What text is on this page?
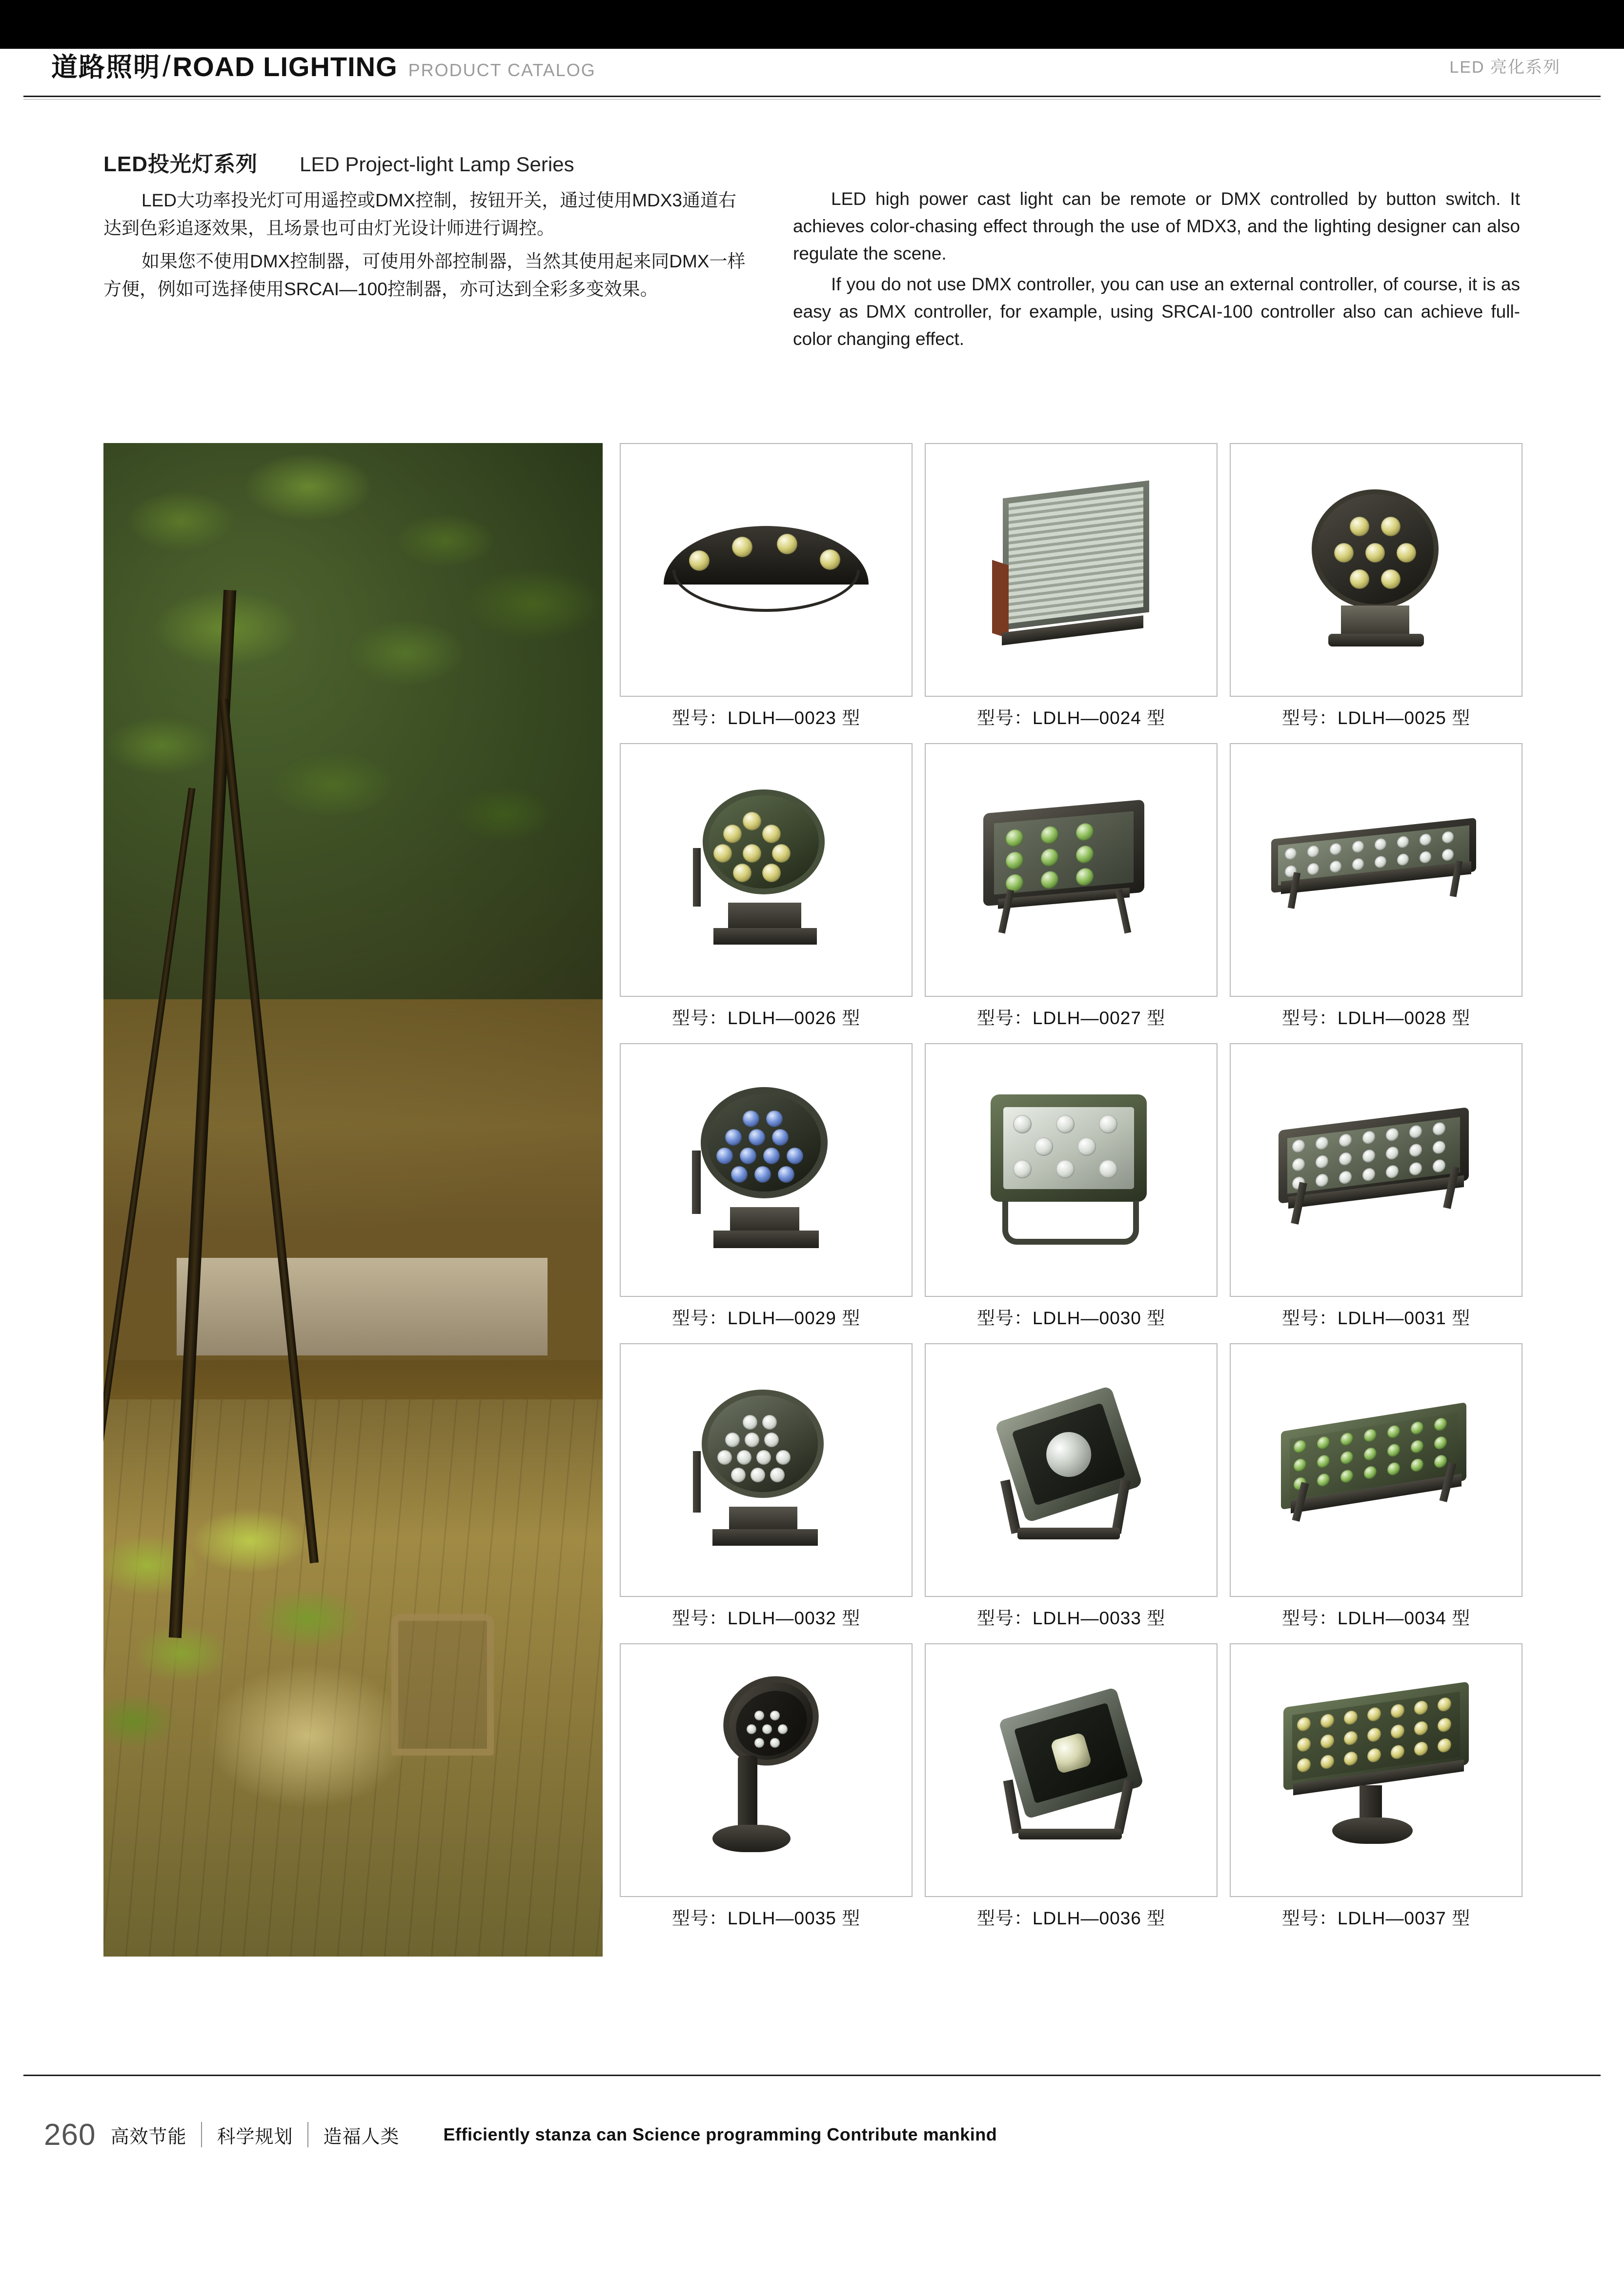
道路照明 / ROAD LIGHTING PRODUCT CATALOG	LED 亮化系列
LED投光灯系列 LED Project-light Lamp Series

LED大功率投光灯可用遥控或DMX控制，按钮开关，通过使用MDX3通道右达到色彩追逐效果，且场景也可由灯光设计师进行调控。

如果您不使用DMX控制器，可使用外部控制器，当然其使用起来同DMX一样方便，例如可选择使用SRCAI—100控制器，亦可达到全彩多变效果。

LED high power cast light can be remote or DMX controlled by button switch. It achieves color-chasing effect through the use of MDX3, and the lighting designer can also regulate the scene.

If you do not use DMX controller, you can use an external controller, of course, it is as easy as DMX controller, for example, using SRCAI-100 controller also can achieve full-color changing effect.

型号：LDLH—0023 型	型号：LDLH—0024 型	型号：LDLH—0025 型
型号：LDLH—0026 型	型号：LDLH—0027 型	型号：LDLH—0028 型
型号：LDLH—0029 型	型号：LDLH—0030 型	型号：LDLH—0031 型
型号：LDLH—0032 型	型号：LDLH—0033 型	型号：LDLH—0034 型
型号：LDLH—0035 型	型号：LDLH—0036 型	型号：LDLH—0037 型
260 高效节能	科学规划	造福人类	Efficiently stanza can Science programming Contribute mankind
